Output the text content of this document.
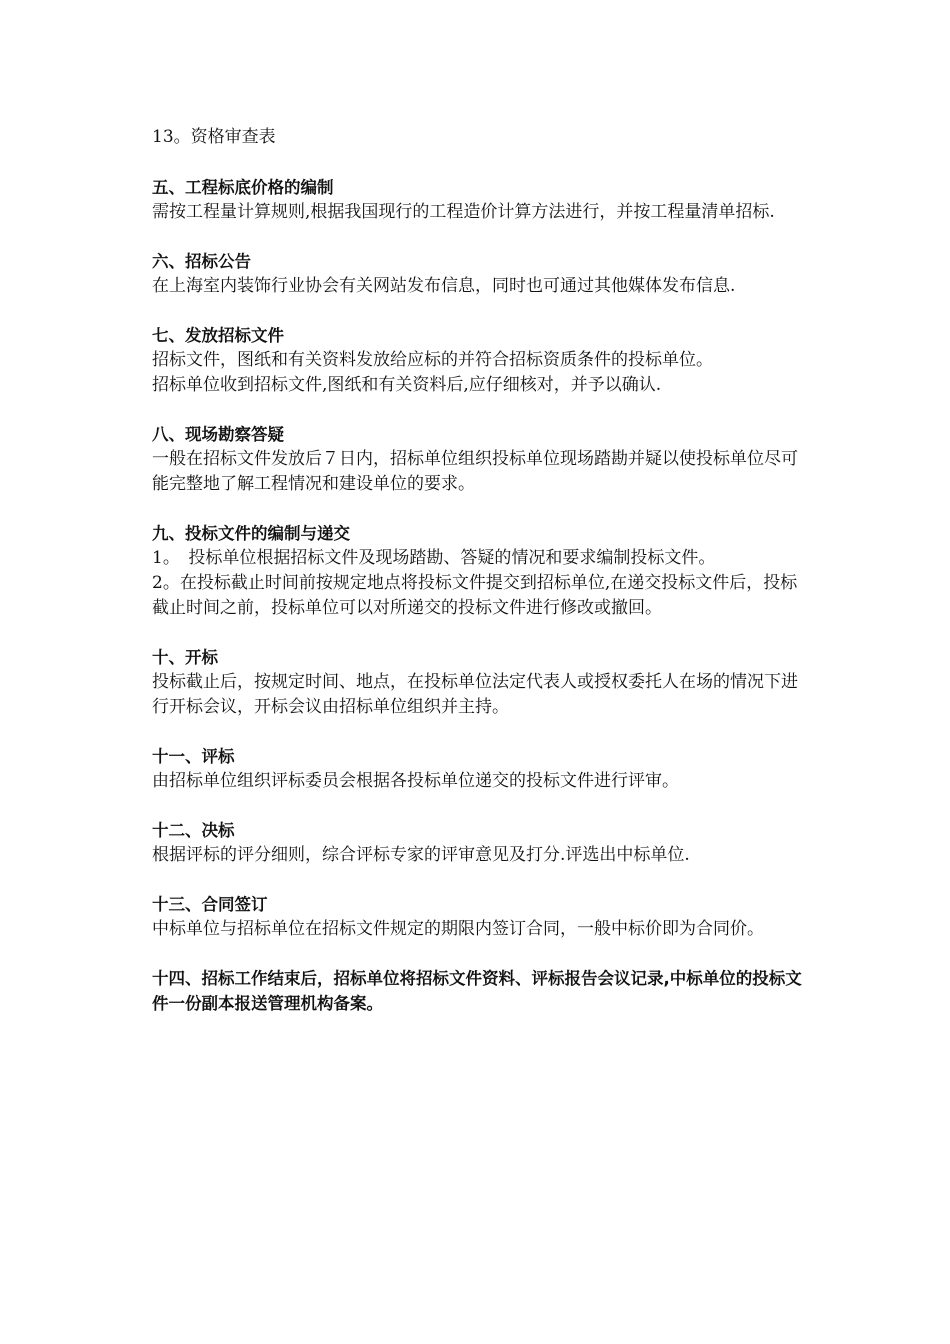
13。资格审查表

五、工程标底价格的编制

需按工程量计算规则,根据我国现行的工程造价计算方法进行，并按工程量清单招标.

六、招标公告

在上海室内装饰行业协会有关网站发布信息，同时也可通过其他媒体发布信息.

七、发放招标文件

招标文件，图纸和有关资料发放给应标的并符合招标资质条件的投标单位。

招标单位收到招标文件,图纸和有关资料后,应仔细核对，并予以确认.

八、现场勘察答疑

一般在招标文件发放后７日内，招标单位组织投标单位现场踏勘并疑以使投标单位尽可能完整地了解工程情况和建设单位的要求。

九、投标文件的编制与递交

1。　投标单位根据招标文件及现场踏勘、答疑的情况和要求编制投标文件。

2。在投标截止时间前按规定地点将投标文件提交到招标单位,在递交投标文件后，投标截止时间之前，投标单位可以对所递交的投标文件进行修改或撤回。

十、开标

投标截止后，按规定时间、地点，在投标单位法定代表人或授权委托人在场的情况下进行开标会议，开标会议由招标单位组织并主持。

十一、评标

由招标单位组织评标委员会根据各投标单位递交的投标文件进行评审。

十二、决标

根据评标的评分细则，综合评标专家的评审意见及打分.评选出中标单位.

十三、合同签订

中标单位与招标单位在招标文件规定的期限内签订合同，一般中标价即为合同价。

十四、招标工作结束后，招标单位将招标文件资料、评标报告会议记录,中标单位的投标文件一份副本报送管理机构备案。
